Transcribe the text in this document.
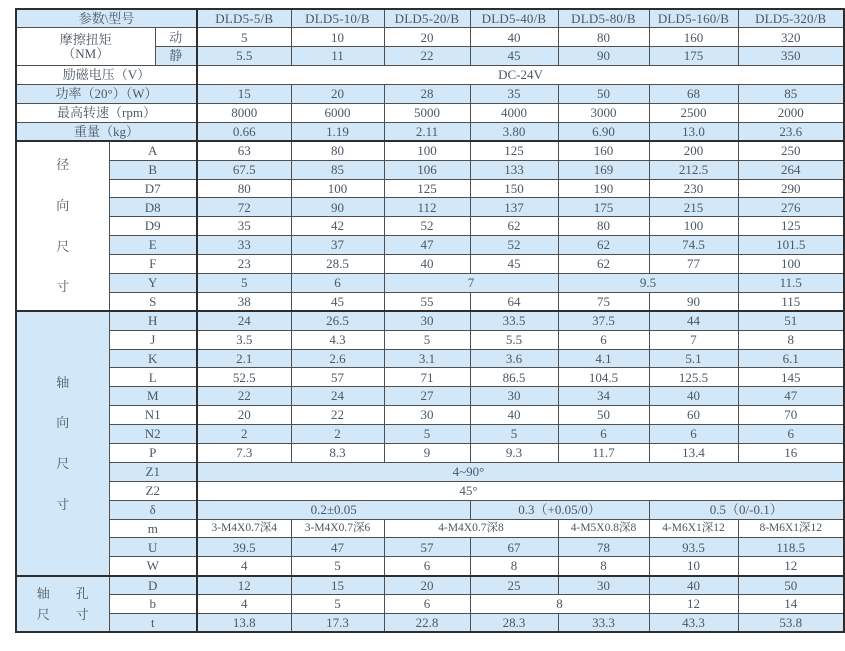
参数\型号			DLD5-5/B	DLD5-10/B	DLD5-20/B	DLD5-40/B	DLD5-80/B	DLD5-160/B	DLD5-320/B

摩擦扭矩
（NM）		动	5	10	20	40	80	160	320
		静	5.5	11	22	45	90	175	350
励磁电压（V）			DC-24V						
功率（20°）（W）			15	20	28	35	50	68	85
最高转速（rpm）			8000	6000	5000	4000	3000	2500	2000
重量（kg）			0.66	1.19	2.11	3.80	6.90	13.0	23.6

径
向
尺
寸	A		63	80	100	125	160	200	250
	B		67.5	85	106	133	169	212.5	264
	D7		80	100	125	150	190	230	290
	D8		72	90	112	137	175	215	276
	D9		35	42	52	62	80	100	125
	E		33	37	47	52	62	74.5	101.5
	F		23	28.5	40	45	62	77	100
	Y		5	6	7		9.5		11.5
	S		38	45	55	64	75	90	115

轴
向
尺
寸	H		24	26.5	30	33.5	37.5	44	51
	J		3.5	4.3	5	5.5	6	7	8
	K		2.1	2.6	3.1	3.6	4.1	5.1	6.1
	L		52.5	57	71	86.5	104.5	125.5	145
	M		22	24	27	30	34	40	47
	N1		20	22	30	40	50	60	70
	N2		2	2	5	5	6	6	6
	P		7.3	8.3	9	9.3	11.7	13.4	16
	Z1		4~90°						
	Z2		45°						
	δ		0.2±0.05			0.3（+0.05/0）		0.5（0/-0.1）	
	m		3-M4X0.7深4	3-M4X0.7深6	4-M4X0.7深8		4-M5X0.8深8	4-M6X1深12	8-M6X1深12
	U		39.5	47	57	67	78	93.5	118.5
	W		4	5	6	8	8	10	12

轴 孔
尺 寸	D		12	15	20	25	30	40	50
	b		4	5	6	8		12	14
	t		13.8	17.3	22.8	28.3	33.3	43.3	53.8
